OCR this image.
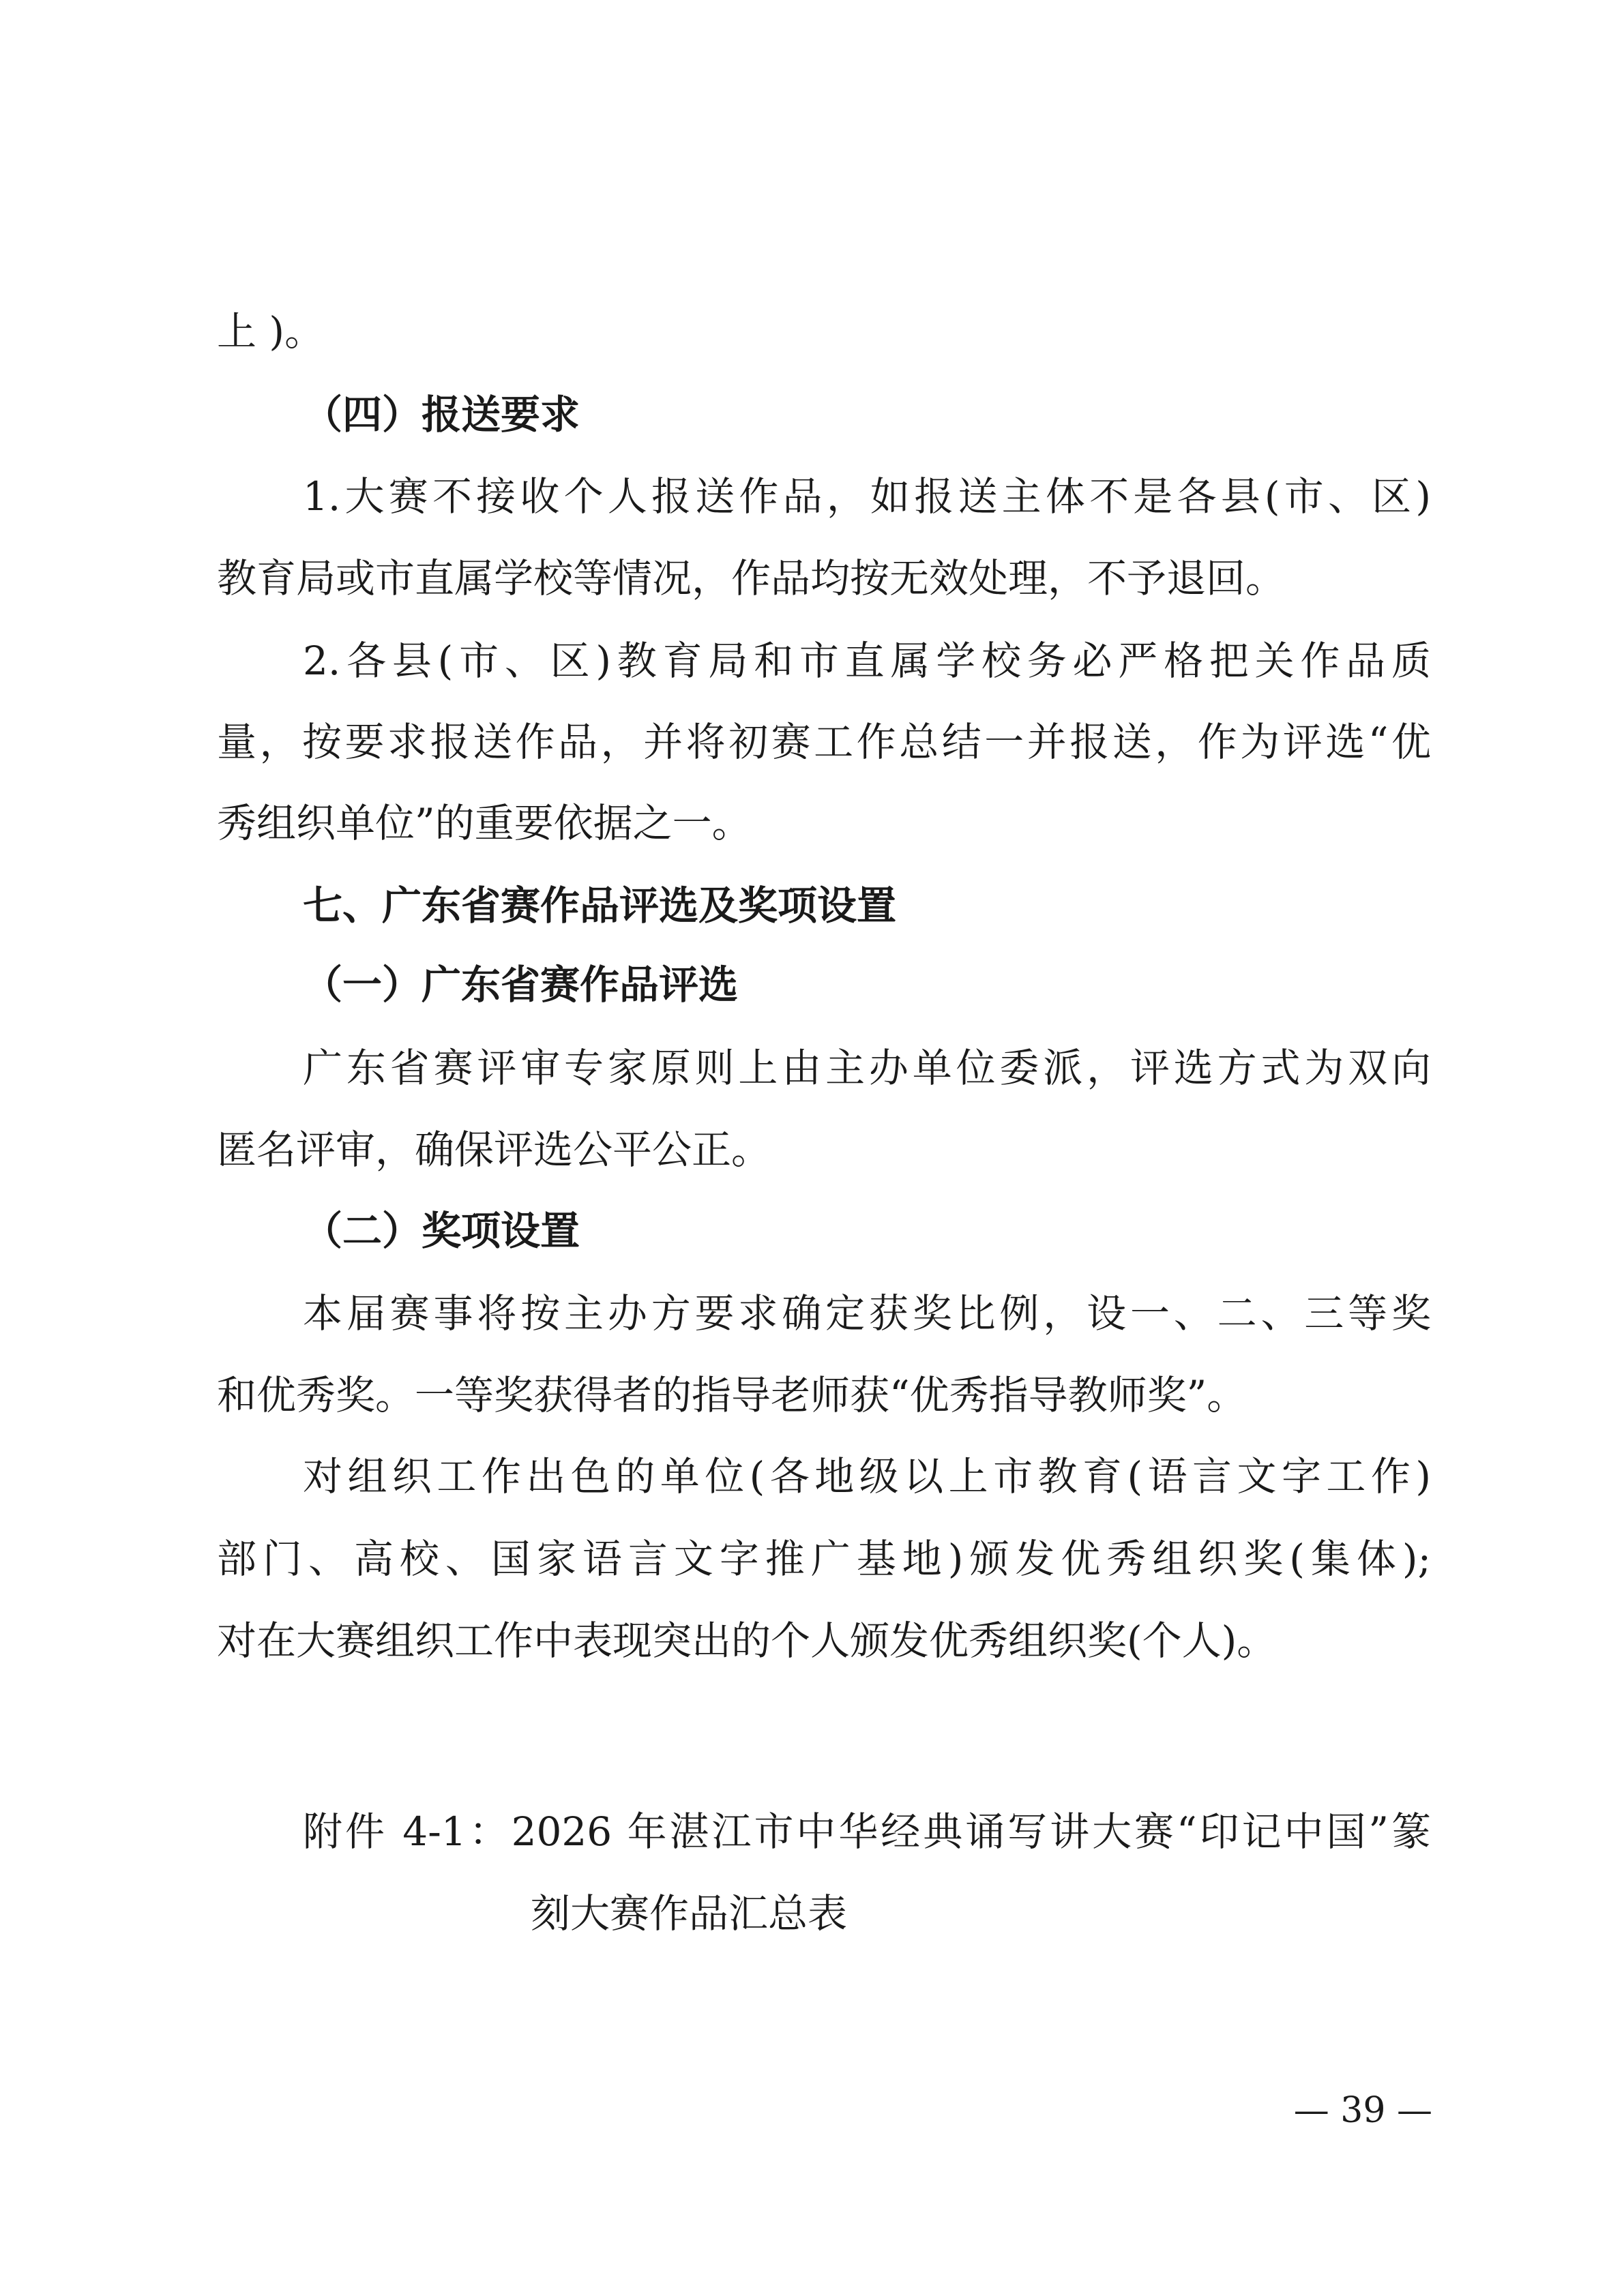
上 )。
（四）报送要求
1.大赛不接收个人报送作品，如报送主体不是各县(市、区)
教育局或市直属学校等情况，作品均按无效处理，不予退回。
2.各县(市、区)教育局和市直属学校务必严格把关作品质
量，按要求报送作品，并将初赛工作总结一并报送，作为评选“优
秀组织单位”的重要依据之一。
七、广东省赛作品评选及奖项设置
（一）广东省赛作品评选
广东省赛评审专家原则上由主办单位委派，评选方式为双向
匿名评审，确保评选公平公正。
（二）奖项设置
本届赛事将按主办方要求确定获奖比例，设一、二、三等奖
和优秀奖。一等奖获得者的指导老师获“优秀指导教师奖”。
对组织工作出色的单位(各地级以上市教育(语言文字工作)
部门、高校、国家语言文字推广基地)颁发优秀组织奖(集体);
对在大赛组织工作中表现突出的个人颁发优秀组织奖(个人)。
附件 4-1：2026 年湛江市中华经典诵写讲大赛“印记中国”篆
刻大赛作品汇总表
— 39 —
